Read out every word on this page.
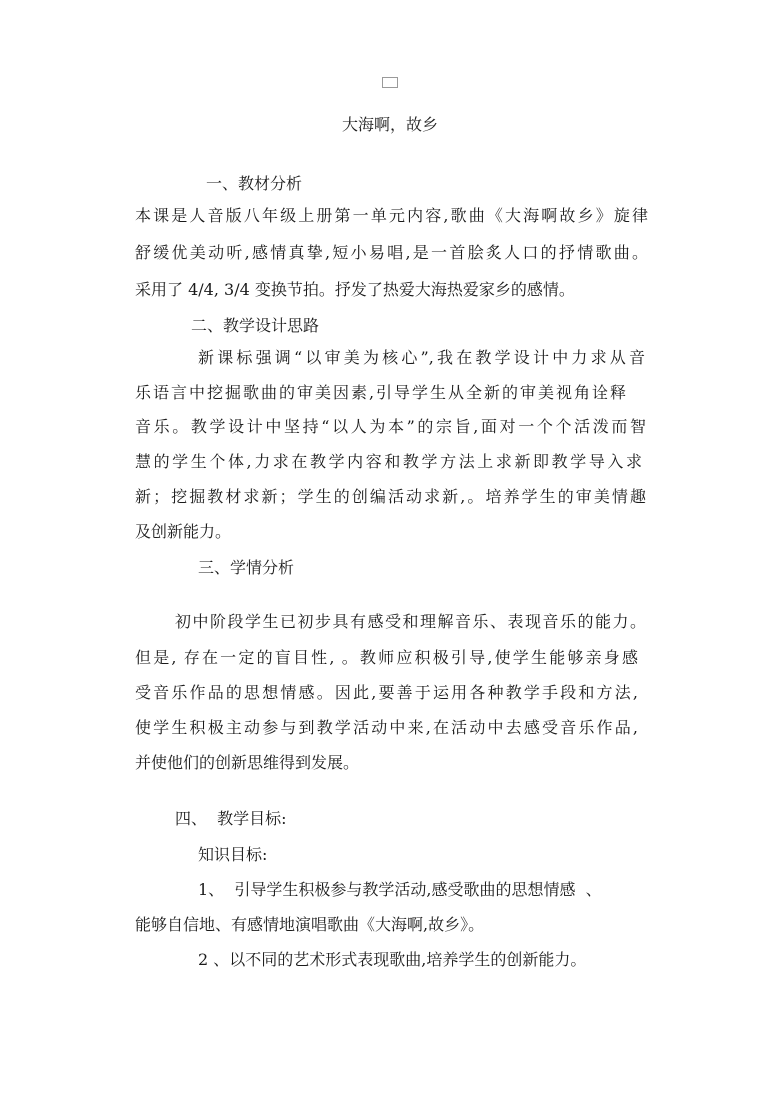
大海啊，故乡
一、教材分析
本课是人音版八年级上册第一单元内容,歌曲《大海啊故乡》旋律
舒缓优美动听,感情真挚,短小易唱,是一首脍炙人口的抒情歌曲。
采用了 4/4, 3/4 变换节拍。抒发了热爱大海热爱家乡的感情。
二、教学设计思路
新课标强调“以审美为核心”,我在教学设计中力求从音
乐语言中挖掘歌曲的审美因素,引导学生从全新的审美视角诠释
音乐。教学设计中坚持“以人为本”的宗旨,面对一个个活泼而智
慧的学生个体,力求在教学内容和教学方法上求新即教学导入求
新；挖掘教材求新；学生的创编活动求新,。培养学生的审美情趣
及创新能力。
三、学情分析
初中阶段学生已初步具有感受和理解音乐、表现音乐的能力。
但是, 存在一定的盲目性, 。教师应积极引导,使学生能够亲身感
受音乐作品的思想情感。因此,要善于运用各种教学手段和方法,
使学生积极主动参与到教学活动中来,在活动中去感受音乐作品,
并使他们的创新思维得到发展。
四、  教学目标:
知识目标:
1、  引导学生积极参与教学活动,感受歌曲的思想情感  、
能够自信地、有感情地演唱歌曲《大海啊,故乡》。
2 、以不同的艺术形式表现歌曲,培养学生的创新能力。
